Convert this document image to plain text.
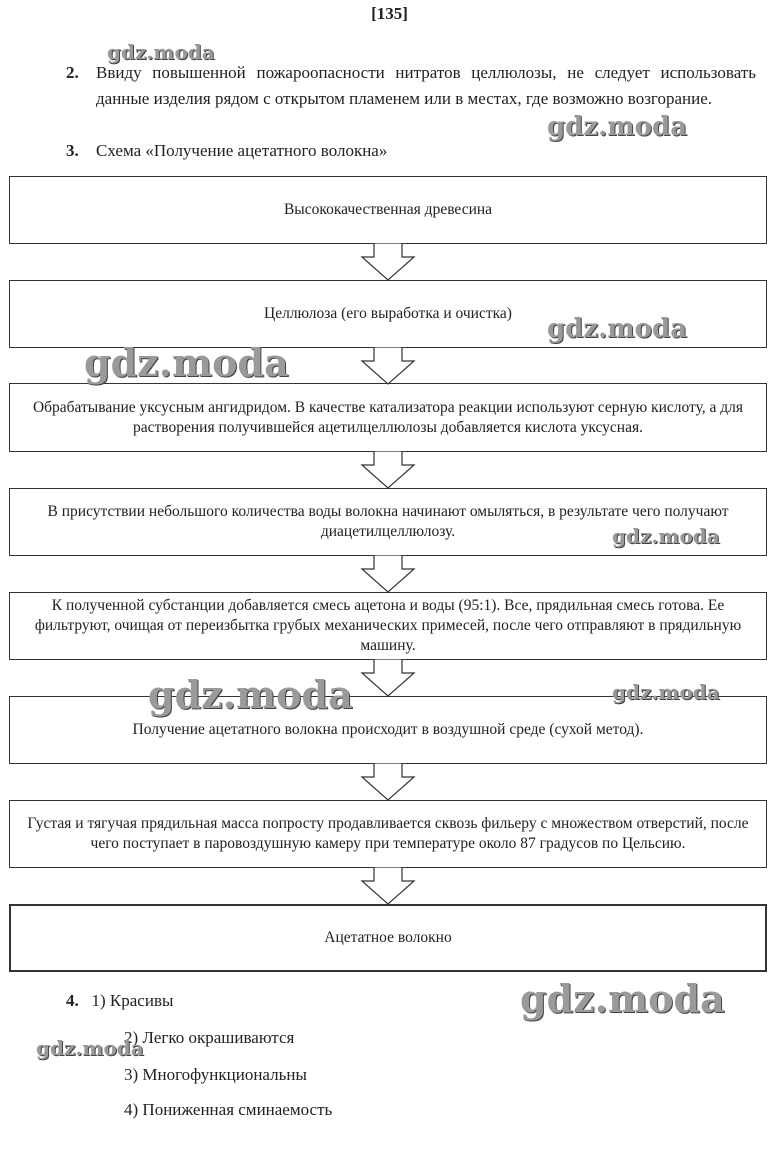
[135]
2. Ввиду повышенной пожароопасности нитратов целлюлозы, не следует использовать данные изделия рядом с открытом пламенем или в местах, где возможно возгорание.
3. Схема «Получение ацетатного волокна»
Высококачественная древесина
Целлюлоза (его выработка и очистка)
Обрабатывание уксусным ангидридом. В качестве катализатора реакции используют серную кислоту, а для растворения получившейся ацетилцеллюлозы добавляется кислота уксусная.
В присутствии небольшого количества воды волокна начинают омыляться, в результате чего получают диацетилцеллюлозу.
К полученной субстанции добавляется смесь ацетона и воды (95:1). Все, прядильная смесь готова. Ее фильтруют, очищая от переизбытка грубых механических примесей, после чего отправляют в прядильную машину.
Получение ацетатного волокна происходит в воздушной среде (сухой метод).
Густая и тягучая прядильная масса попросту продавливается сквозь фильеру с множеством отверстий, после чего поступает в паровоздушную камеру при температуре около 87 градусов по Цельсию.
Ацетатное волокно
4. 1) Красивы
2) Легко окрашиваются
3) Многофункциональны
4) Пониженная сминаемость
gdz.moda
gdz.moda
gdz.moda
gdz.moda
gdz.moda
gdz.moda	gdz.moda
gdz.moda
gdz.moda
